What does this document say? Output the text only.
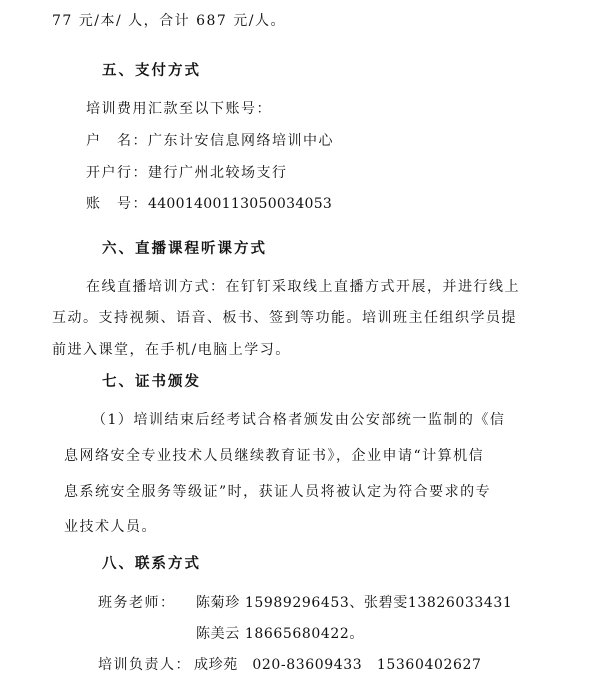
77 元/本/ 人，合计 687 元/人。
五、支付方式
培训费用汇款至以下账号：
户　名：广东计安信息网络培训中心
开户行：建行广州北较场支行
账　号：44001400113050034053
六、直播课程听课方式
在线直播培训方式：在钉钉采取线上直播方式开展，并进行线上
互动。支持视频、语音、板书、签到等功能。培训班主任组织学员提
前进入课堂，在手机/电脑上学习。
七、证书颁发
（1）培训结束后经考试合格者颁发由公安部统一监制的《信
息网络安全专业技术人员继续教育证书》，企业申请“计算机信
息系统安全服务等级证”时，获证人员将被认定为符合要求的专
业技术人员。
八、联系方式
班务老师： 陈菊珍 15989296453、张碧雯13826033431
陈美云 18665680422。
培训负责人： 成珍苑　020-83609433　15360402627
